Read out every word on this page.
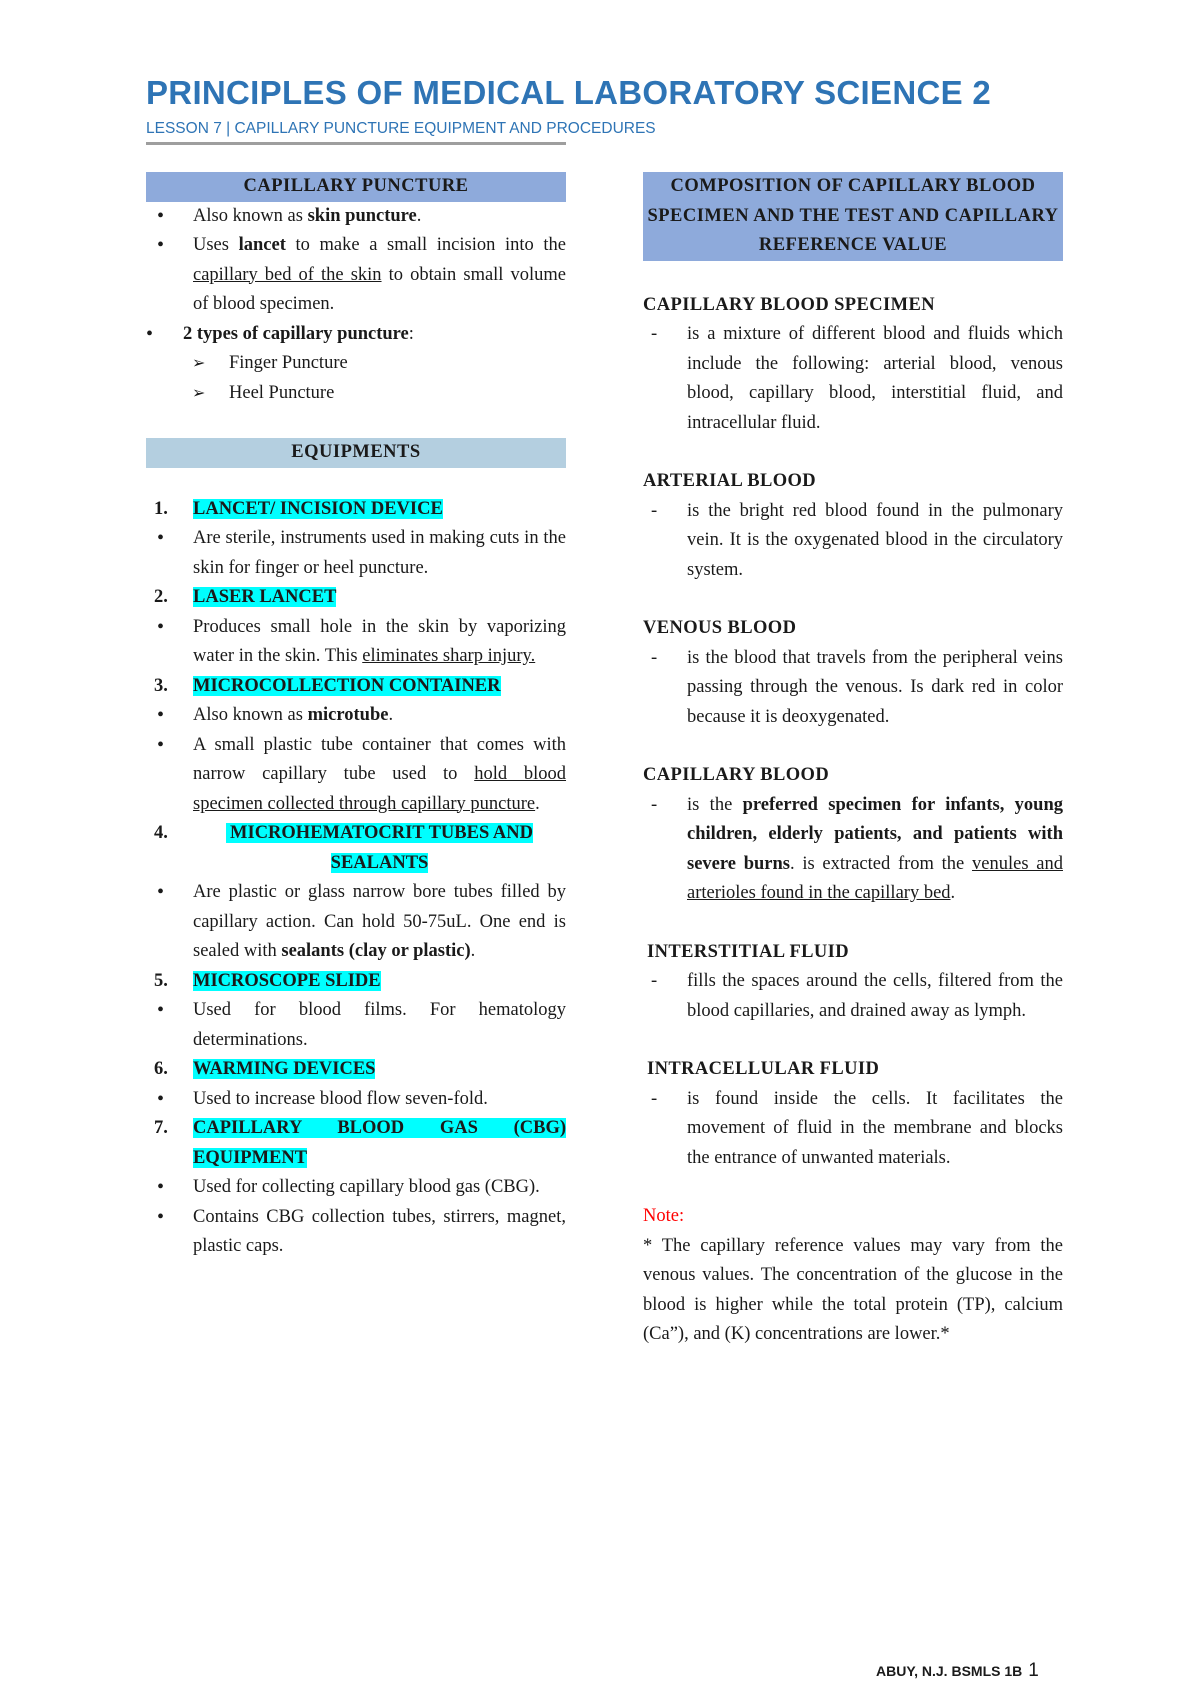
PRINCIPLES OF MEDICAL LABORATORY SCIENCE 2
LESSON 7 | CAPILLARY PUNCTURE EQUIPMENT AND PROCEDURES
CAPILLARY PUNCTURE
• Also known as skin puncture.
• Uses lancet to make a small incision into the capillary bed of the skin to obtain small volume of blood specimen.
• 2 types of capillary puncture:
➢ Finger Puncture
➢ Heel Puncture
EQUIPMENTS
1. LANCET/ INCISION DEVICE
• Are sterile, instruments used in making cuts in the skin for finger or heel puncture.
2. LASER LANCET
• Produces small hole in the skin by vaporizing water in the skin. This eliminates sharp injury.
3. MICROCOLLECTION CONTAINER
• Also known as microtube.
• A small plastic tube container that comes with narrow capillary tube used to hold blood specimen collected through capillary puncture.
4.	MICROHEMATOCRIT TUBES AND
SEALANTS
• Are plastic or glass narrow bore tubes filled by capillary action. Can hold 50-75uL. One end is sealed with sealants (clay or plastic).
5. MICROSCOPE SLIDE
• Used for blood films. For hematology determinations.
6. WARMING DEVICES
• Used to increase blood flow seven-fold.
7. CAPILLARY BLOOD GAS (CBG) EQUIPMENT
• Used for collecting capillary blood gas (CBG).
• Contains CBG collection tubes, stirrers, magnet, plastic caps.
COMPOSITION OF CAPILLARY BLOOD SPECIMEN AND THE TEST AND CAPILLARY REFERENCE VALUE
CAPILLARY BLOOD SPECIMEN
- is a mixture of different blood and fluids which include the following: arterial blood, venous blood, capillary blood, interstitial fluid, and intracellular fluid.
ARTERIAL BLOOD
- is the bright red blood found in the pulmonary vein. It is the oxygenated blood in the circulatory system.
VENOUS BLOOD
- is the blood that travels from the peripheral veins passing through the venous. Is dark red in color because it is deoxygenated.
CAPILLARY BLOOD
- is the preferred specimen for infants, young children, elderly patients, and patients with severe burns. is extracted from the venules and arterioles found in the capillary bed.
INTERSTITIAL FLUID
- fills the spaces around the cells, filtered from the blood capillaries, and drained away as lymph.
INTRACELLULAR FLUID
- is found inside the cells. It facilitates the movement of fluid in the membrane and blocks the entrance of unwanted materials.
Note:
* The capillary reference values may vary from the venous values. The concentration of the glucose in the blood is higher while the total protein (TP), calcium (Ca”), and (K) concentrations are lower.*
ABUY, N.J. BSMLS 1B 1
